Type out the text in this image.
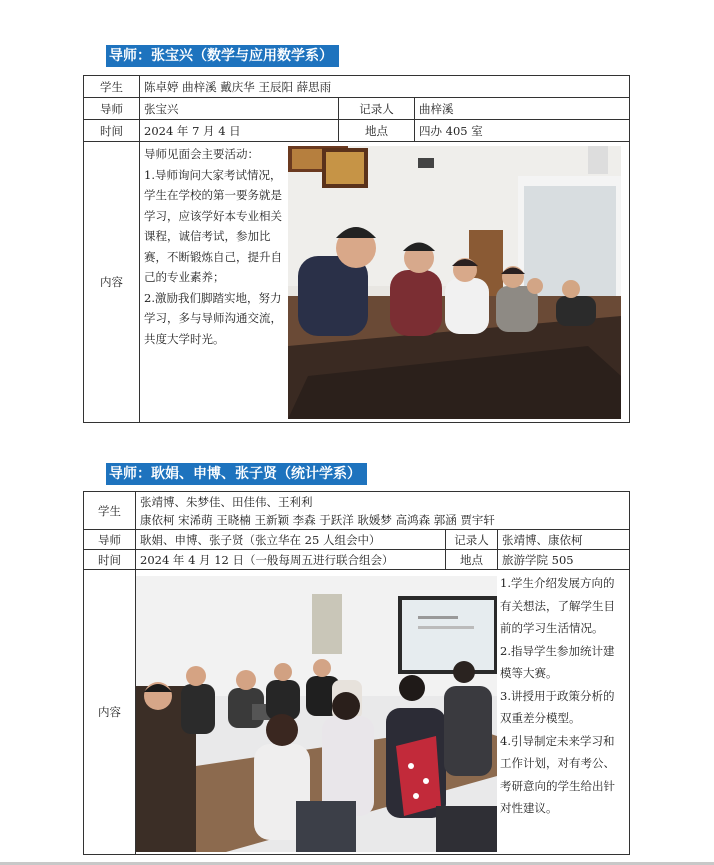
导师：张宝兴（数学与应用数学系）
学生	陈卓婷 曲梓溪 戴庆华 王辰阳 薛思雨		
导师	张宝兴	记录人	曲梓溪
时间	2024 年 7 月 4 日	地点	四办 405 室
内容	导师见面会主要活动：

1.导师询问大家考试情况，学生在学校的第一要务就是学习，应该学好本专业相关课程，诚信考试，参加比赛，不断锻炼自己，提升自己的专业素养；

2.激励我们脚踏实地，努力学习，多与导师沟通交流，共度大学时光。		

导师：耿娟、申博、张子贤（统计学系）
学生	张靖博、朱梦佳、田佳伟、王利利
康依柯 宋浠萌 王晓楠 王新颖 李森 于跃洋 耿媛梦 高鸿森 郭涵 贾宇轩		

导师	耿娟、申博、张子贤（张立华在 25 人组会中）	记录人	张靖博、康依柯
时间	2024 年 4 月 12 日（一般每周五进行联合组会）	地点	旅游学院 505
内容	1.学生介绍发展方向的有关想法，了解学生目前的学习生活情况。

2.指导学生参加统计建模等大赛。

3.讲授用于政策分析的双重差分模型。

4.引导制定未来学习和工作计划，对有考公、考研意向的学生给出针对性建议。		
